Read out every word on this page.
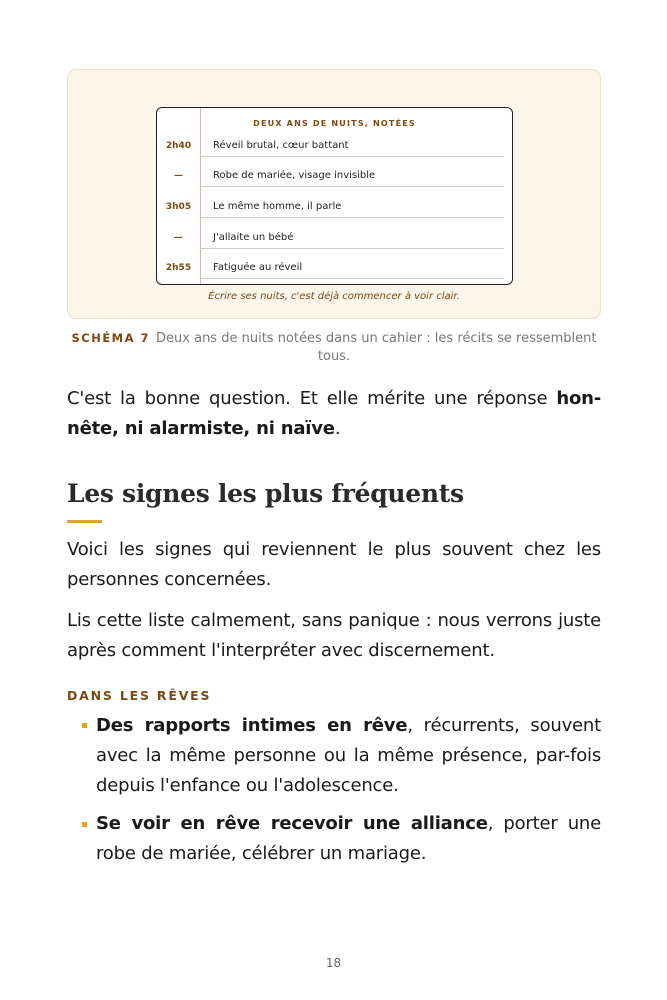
DEUX ANS DE NUITS, NOTÉES
2h40	Réveil brutal, cœur battant
—	Robe de mariée, visage invisible
3h05	Le même homme, il parle
—	J'allaite un bébé
2h55	Fatiguée au réveil
Écrire ses nuits, c'est déjà commencer à voir clair.
SCHÉMA 7 Deux ans de nuits notées dans un cahier : les récits se ressemblent tous.

C'est la bonne question. Et elle mérite une réponse hon-nête, ni alarmiste, ni naïve.

Les signes les plus fréquents

Voici les signes qui reviennent le plus souvent chez les personnes concernées.

Lis cette liste calmement, sans panique : nous verrons juste après comment l'interpréter avec discernement.

DANS LES RÊVES

Des rapports intimes en rêve, récurrents, souvent avec la même personne ou la même présence, par-fois depuis l'enfance ou l'adolescence.

Se voir en rêve recevoir une alliance, porter une robe de mariée, célébrer un mariage.

18
